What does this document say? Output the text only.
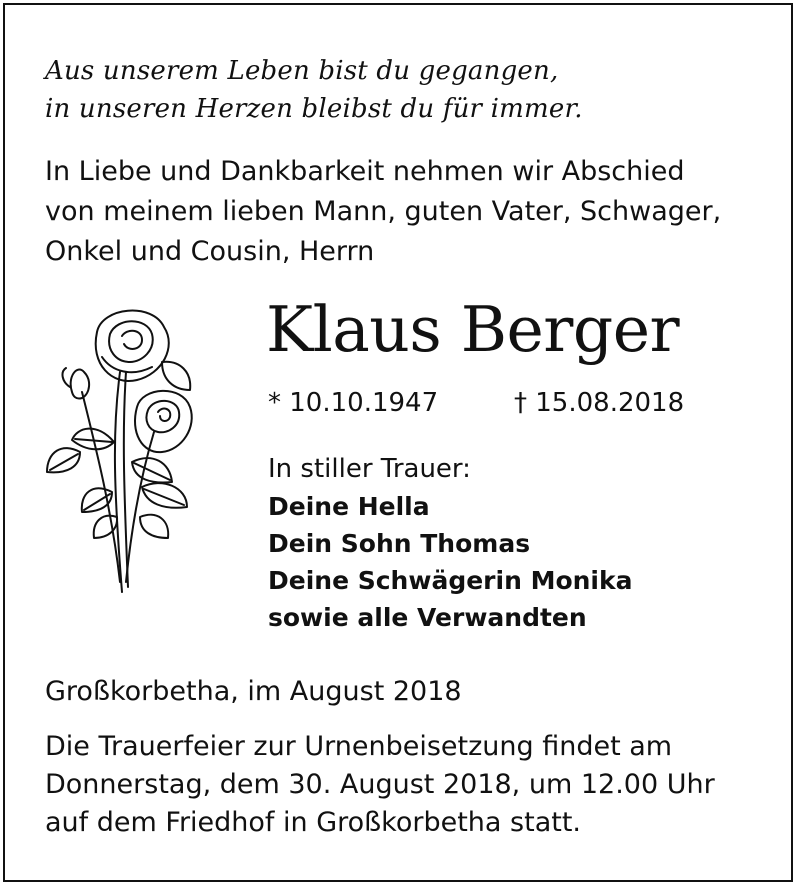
Aus unserem Leben bist du gegangen,
in unseren Herzen bleibst du für immer.
In Liebe und Dankbarkeit nehmen wir Abschied
von meinem lieben Mann, guten Vater, Schwager,
Onkel und Cousin, Herrn
Klaus Berger
* 10.10.1947	† 15.08.2018
In stiller Trauer:
Deine Hella
Dein Sohn Thomas
Deine Schwägerin Monika
sowie alle Verwandten
Großkorbetha, im August 2018
Die Trauerfeier zur Urnenbeisetzung findet am
Donnerstag, dem 30. August 2018, um 12.00 Uhr
auf dem Friedhof in Großkorbetha statt.
